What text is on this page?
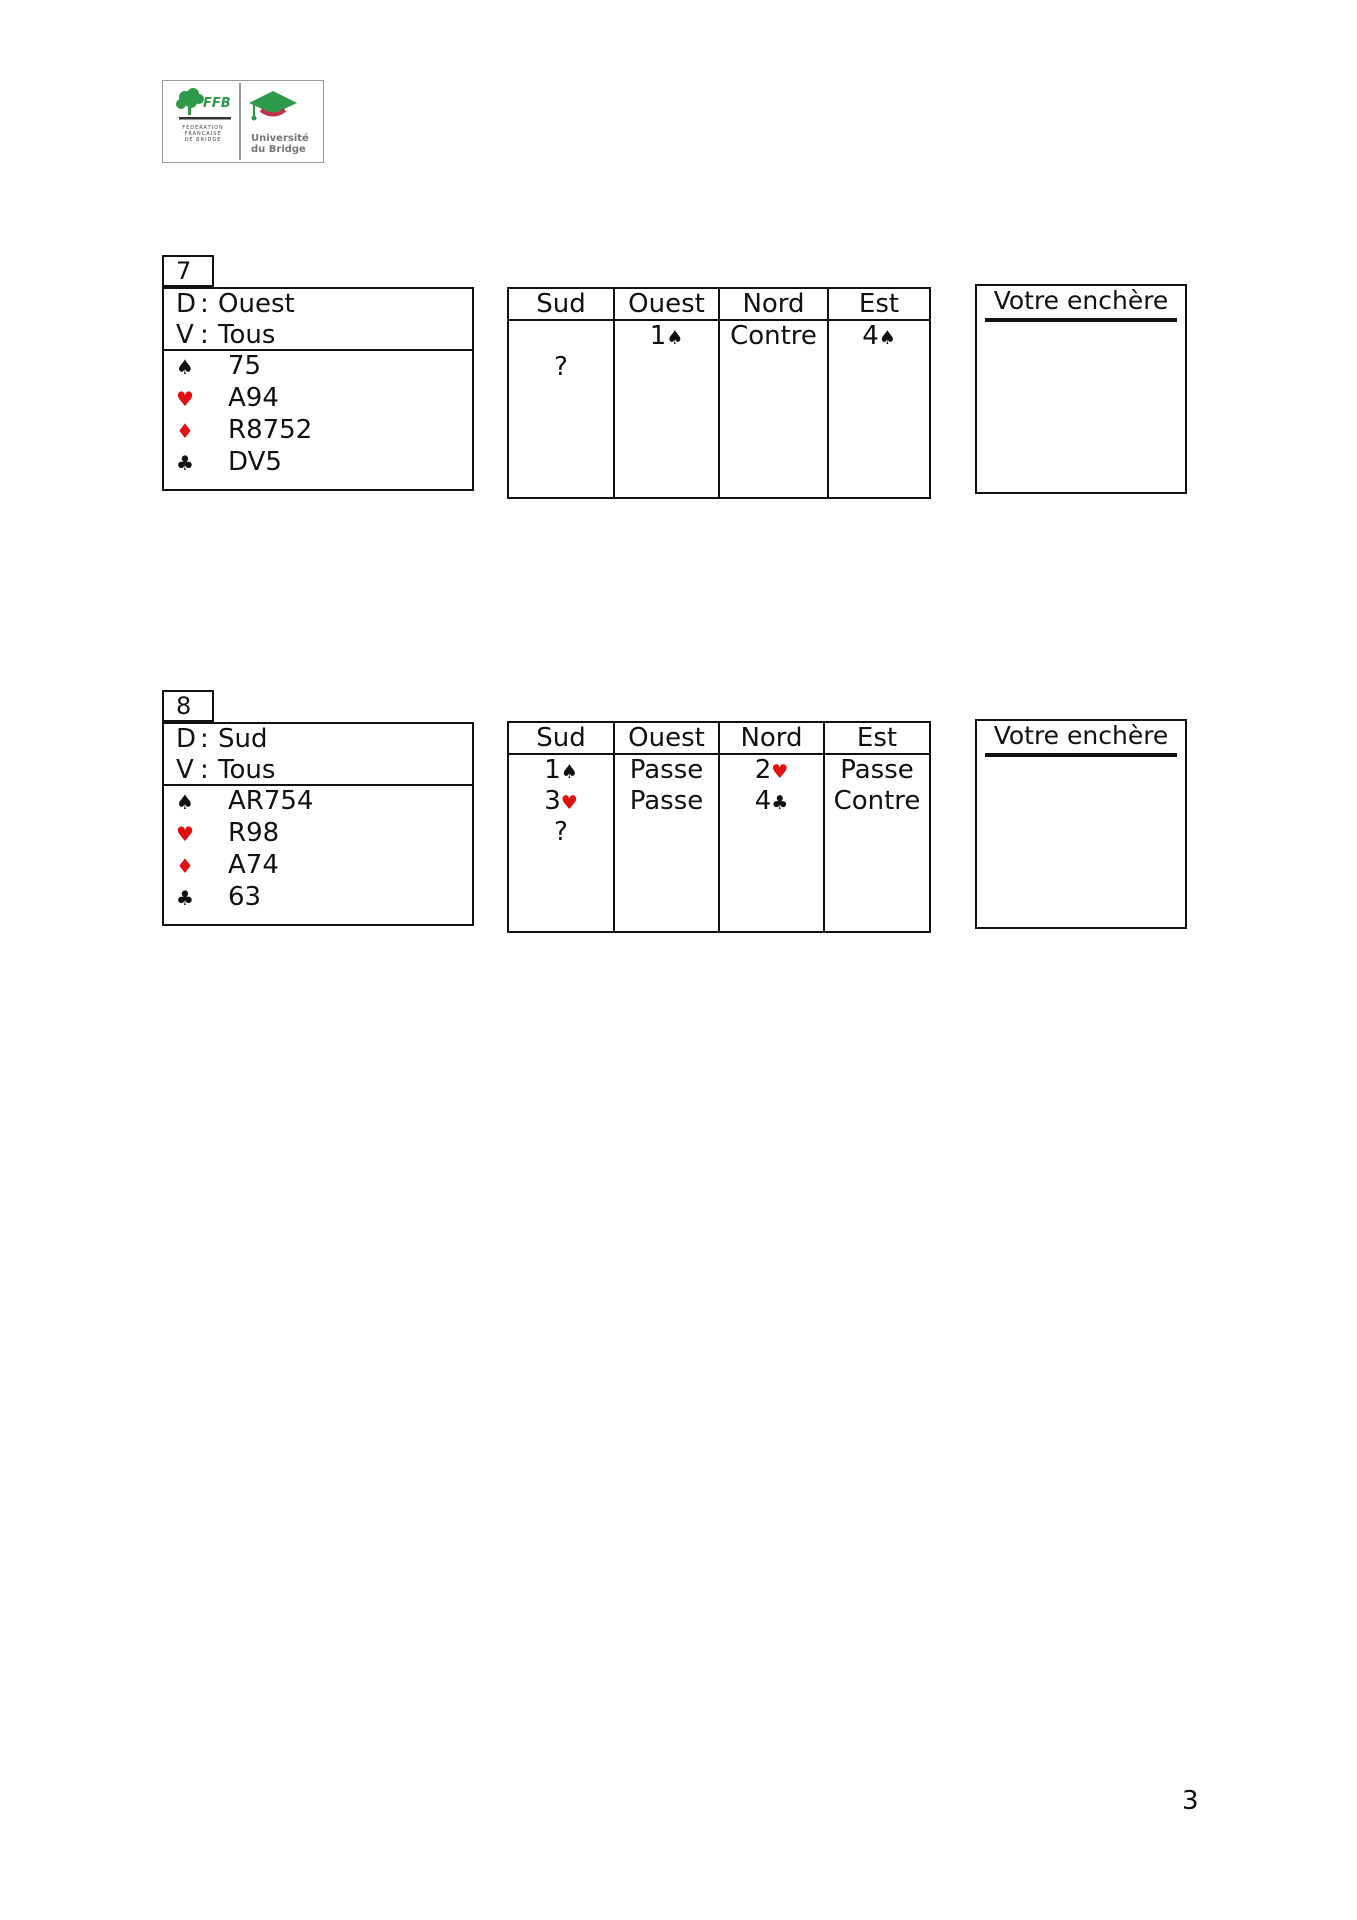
FFB
FEDERATION
FRANCAISE
DE BRIDGE	Université
du Bridge
7
D : Ouest
V : Tous
♠ 75
♥ A94
♦ R8752
♣ DV5
Sud
?
Ouest
1♠
Nord
Contre
Est
4♠
Votre enchère
8
D : Sud
V : Tous
♠ AR754
♥ R98
♦ A74
♣ 63
Sud
1♠
3♥
?
Ouest
Passe
Passe
Nord
2♥
4♣
Est
Passe
Contre
Votre enchère
3
